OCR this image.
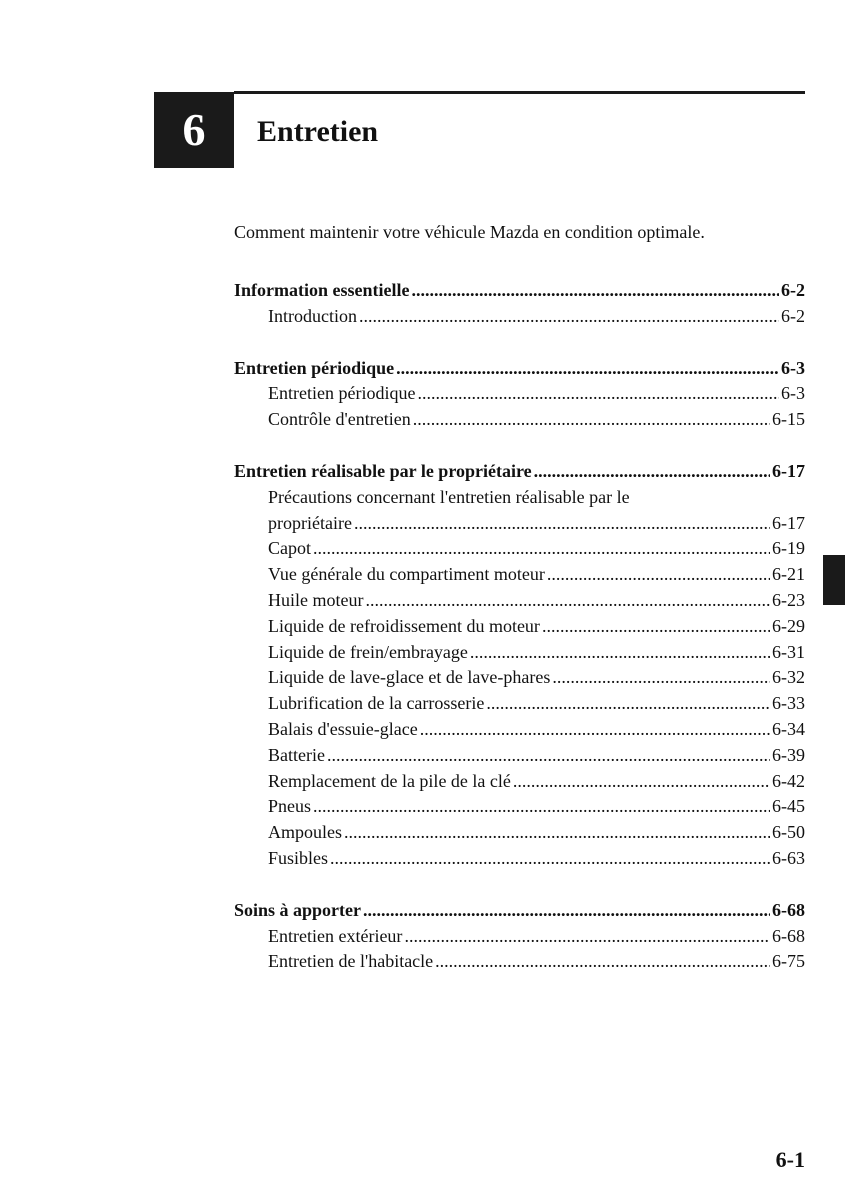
6	Entretien
Comment maintenir votre véhicule Mazda en condition optimale.
Information essentielle .....	6-2
Introduction .....	6-2
Entretien périodique .....	6-3
Entretien périodique .....	6-3
Contrôle d'entretien .....	6-15
Entretien réalisable par le propriétaire .....	6-17
Précautions concernant l'entretien réalisable par le
propriétaire .....	6-17
Capot .....	6-19
Vue générale du compartiment moteur .....	6-21
Huile moteur .....	6-23
Liquide de refroidissement du moteur .....	6-29
Liquide de frein/embrayage .....	6-31
Liquide de lave-glace et de lave-phares .....	6-32
Lubrification de la carrosserie .....	6-33
Balais d'essuie-glace .....	6-34
Batterie .....	6-39
Remplacement de la pile de la clé .....	6-42
Pneus .....	6-45
Ampoules .....	6-50
Fusibles .....	6-63
Soins à apporter .....	6-68
Entretien extérieur .....	6-68
Entretien de l'habitacle .....	6-75
6-1
